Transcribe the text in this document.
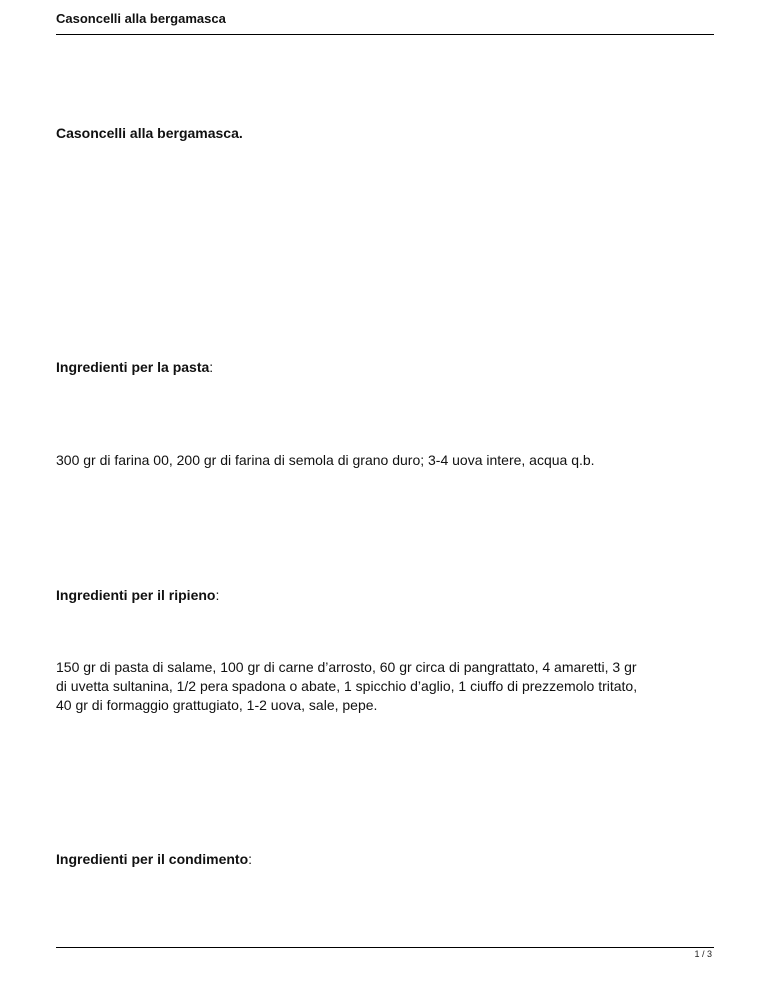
Casoncelli alla bergamasca
Casoncelli alla bergamasca.
Ingredienti per la pasta:
300 gr di farina 00, 200 gr di farina di semola di grano duro; 3-4 uova intere, acqua q.b.
Ingredienti per il ripieno:
150 gr di pasta di salame, 100 gr di carne d’arrosto, 60 gr circa di pangrattato, 4 amaretti, 3 gr
di uvetta sultanina, 1/2 pera spadona o abate, 1 spicchio d’aglio, 1 ciuffo di prezzemolo tritato,
40 gr di formaggio grattugiato, 1-2 uova, sale, pepe.
Ingredienti per il condimento:
1 / 3
